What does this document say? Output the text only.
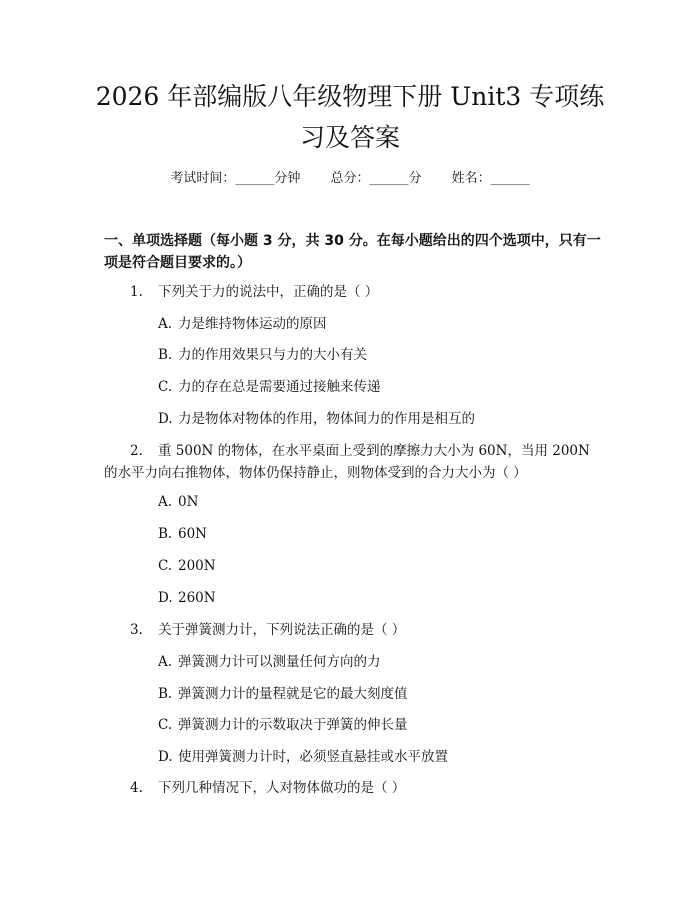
2026 年部编版八年级物理下册 Unit3 专项练习及答案
考试时间：______分钟 总分：______分 姓名：______
一、单项选择题（每小题 3 分，共 30 分。在每小题给出的四个选项中，只有一项是符合题目要求的。）
1. 下列关于力的说法中，正确的是（ ）
A. 力是维持物体运动的原因
B. 力的作用效果只与力的大小有关
C. 力的存在总是需要通过接触来传递
D. 力是物体对物体的作用，物体间力的作用是相互的
2. 重 500N 的物体，在水平桌面上受到的摩擦力大小为 60N，当用 200N 的水平力向右推物体，物体仍保持静止，则物体受到的合力大小为（ ）
A. 0N
B. 60N
C. 200N
D. 260N
3. 关于弹簧测力计，下列说法正确的是（ ）
A. 弹簧测力计可以测量任何方向的力
B. 弹簧测力计的量程就是它的最大刻度值
C. 弹簧测力计的示数取决于弹簧的伸长量
D. 使用弹簧测力计时，必须竖直悬挂或水平放置
4. 下列几种情况下，人对物体做功的是（ ）
